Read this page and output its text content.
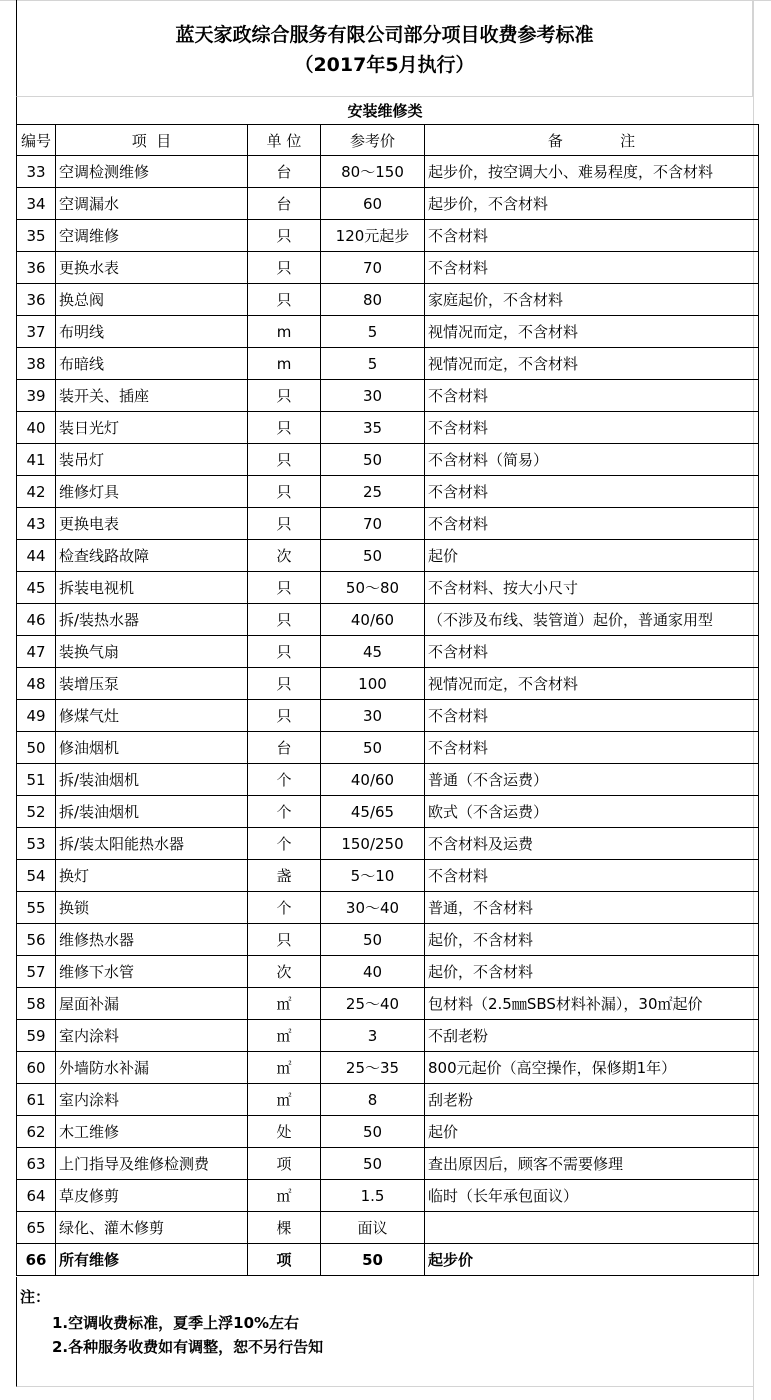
蓝天家政综合服务有限公司部分项目收费参考标准
（2017年5月执行）
安装维修类
编号	项  目	单 位	参考价	备            注
33	空调检测维修	台	80～150	起步价，按空调大小、难易程度，不含材料
34	空调漏水	台	60	起步价，不含材料
35	空调维修	只	120元起步	不含材料
36	更换水表	只	70	不含材料
36	换总阀	只	80	家庭起价，不含材料
37	布明线	m	5	视情况而定，不含材料
38	布暗线	m	5	视情况而定，不含材料
39	装开关、插座	只	30	不含材料
40	装日光灯	只	35	不含材料
41	装吊灯	只	50	不含材料（简易）
42	维修灯具	只	25	不含材料
43	更换电表	只	70	不含材料
44	检查线路故障	次	50	起价
45	拆装电视机	只	50～80	不含材料、按大小尺寸
46	拆/装热水器	只	40/60	（不涉及布线、装管道）起价，普通家用型
47	装换气扇	只	45	不含材料
48	装增压泵	只	100	视情况而定，不含材料
49	修煤气灶	只	30	不含材料
50	修油烟机	台	50	不含材料
51	拆/装油烟机	个	40/60	普通（不含运费）
52	拆/装油烟机	个	45/65	欧式（不含运费）
53	拆/装太阳能热水器	个	150/250	不含材料及运费
54	换灯	盏	5～10	不含材料
55	换锁	个	30～40	普通，不含材料
56	维修热水器	只	50	起价，不含材料
57	维修下水管	次	40	起价，不含材料
58	屋面补漏	㎡	25～40	包材料（2.5㎜SBS材料补漏），30㎡起价
59	室内涂料	㎡	3	不刮老粉
60	外墙防水补漏	㎡	25～35	800元起价（高空操作，保修期1年）
61	室内涂料	㎡	8	刮老粉
62	木工维修	处	50	起价
63	上门指导及维修检测费	项	50	查出原因后，顾客不需要修理
64	草皮修剪	㎡	1.5	临时（长年承包面议）
65	绿化、灌木修剪	棵	面议	
66	所有维修	项	50	起步价
注：
1.空调收费标准，夏季上浮10%左右
2.各种服务收费如有调整，恕不另行告知
